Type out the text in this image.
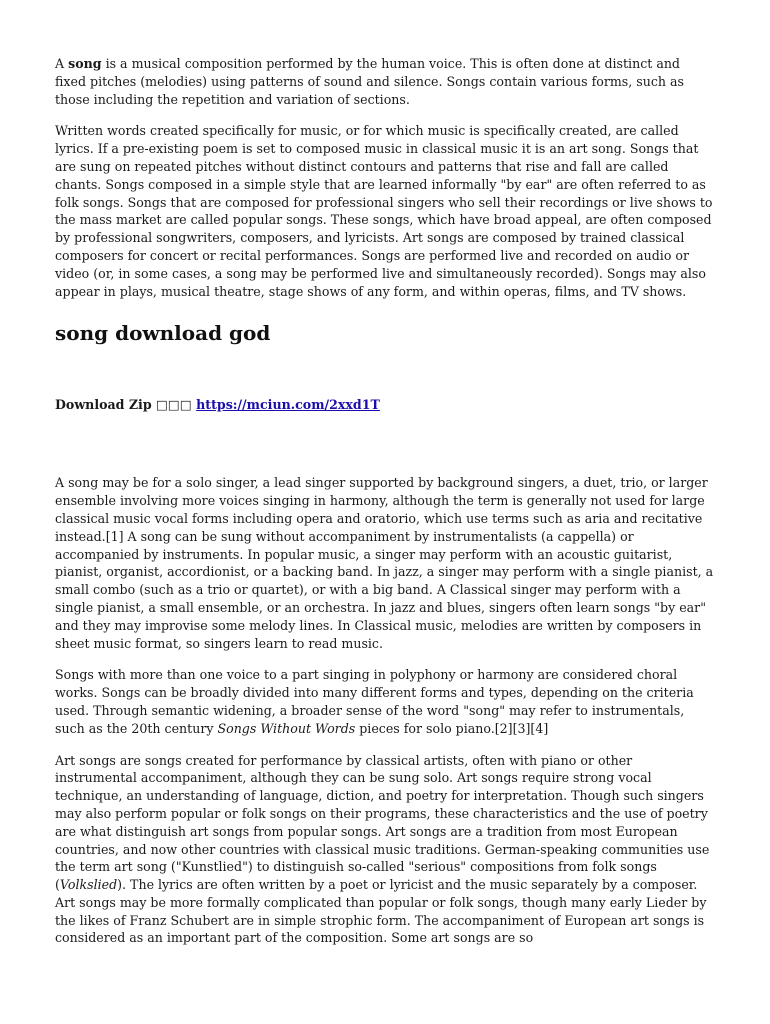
A song is a musical composition performed by the human voice. This is often done at distinct and fixed pitches (melodies) using patterns of sound and silence. Songs contain various forms, such as those including the repetition and variation of sections.

Written words created specifically for music, or for which music is specifically created, are called lyrics. If a pre-existing poem is set to composed music in classical music it is an art song. Songs that are sung on repeated pitches without distinct contours and patterns that rise and fall are called chants. Songs composed in a simple style that are learned informally "by ear" are often referred to as folk songs. Songs that are composed for professional singers who sell their recordings or live shows to the mass market are called popular songs. These songs, which have broad appeal, are often composed by professional songwriters, composers, and lyricists. Art songs are composed by trained classical composers for concert or recital performances. Songs are performed live and recorded on audio or video (or, in some cases, a song may be performed live and simultaneously recorded). Songs may also appear in plays, musical theatre, stage shows of any form, and within operas, films, and TV shows.

song download god
Download Zip □□□ https://mciun.com/2xxd1T

A song may be for a solo singer, a lead singer supported by background singers, a duet, trio, or larger ensemble involving more voices singing in harmony, although the term is generally not used for large classical music vocal forms including opera and oratorio, which use terms such as aria and recitative instead.[1] A song can be sung without accompaniment by instrumentalists (a cappella) or accompanied by instruments. In popular music, a singer may perform with an acoustic guitarist, pianist, organist, accordionist, or a backing band. In jazz, a singer may perform with a single pianist, a small combo (such as a trio or quartet), or with a big band. A Classical singer may perform with a single pianist, a small ensemble, or an orchestra. In jazz and blues, singers often learn songs "by ear" and they may improvise some melody lines. In Classical music, melodies are written by composers in sheet music format, so singers learn to read music.

Songs with more than one voice to a part singing in polyphony or harmony are considered choral works. Songs can be broadly divided into many different forms and types, depending on the criteria used. Through semantic widening, a broader sense of the word "song" may refer to instrumentals, such as the 20th century Songs Without Words pieces for solo piano.[2][3][4]

Art songs are songs created for performance by classical artists, often with piano or other instrumental accompaniment, although they can be sung solo. Art songs require strong vocal technique, an understanding of language, diction, and poetry for interpretation. Though such singers may also perform popular or folk songs on their programs, these characteristics and the use of poetry are what distinguish art songs from popular songs. Art songs are a tradition from most European countries, and now other countries with classical music traditions. German-speaking communities use the term art song ("Kunstlied") to distinguish so-called "serious" compositions from folk songs (Volkslied). The lyrics are often written by a poet or lyricist and the music separately by a composer. Art songs may be more formally complicated than popular or folk songs, though many early Lieder by the likes of Franz Schubert are in simple strophic form. The accompaniment of European art songs is considered as an important part of the composition. Some art songs are so
